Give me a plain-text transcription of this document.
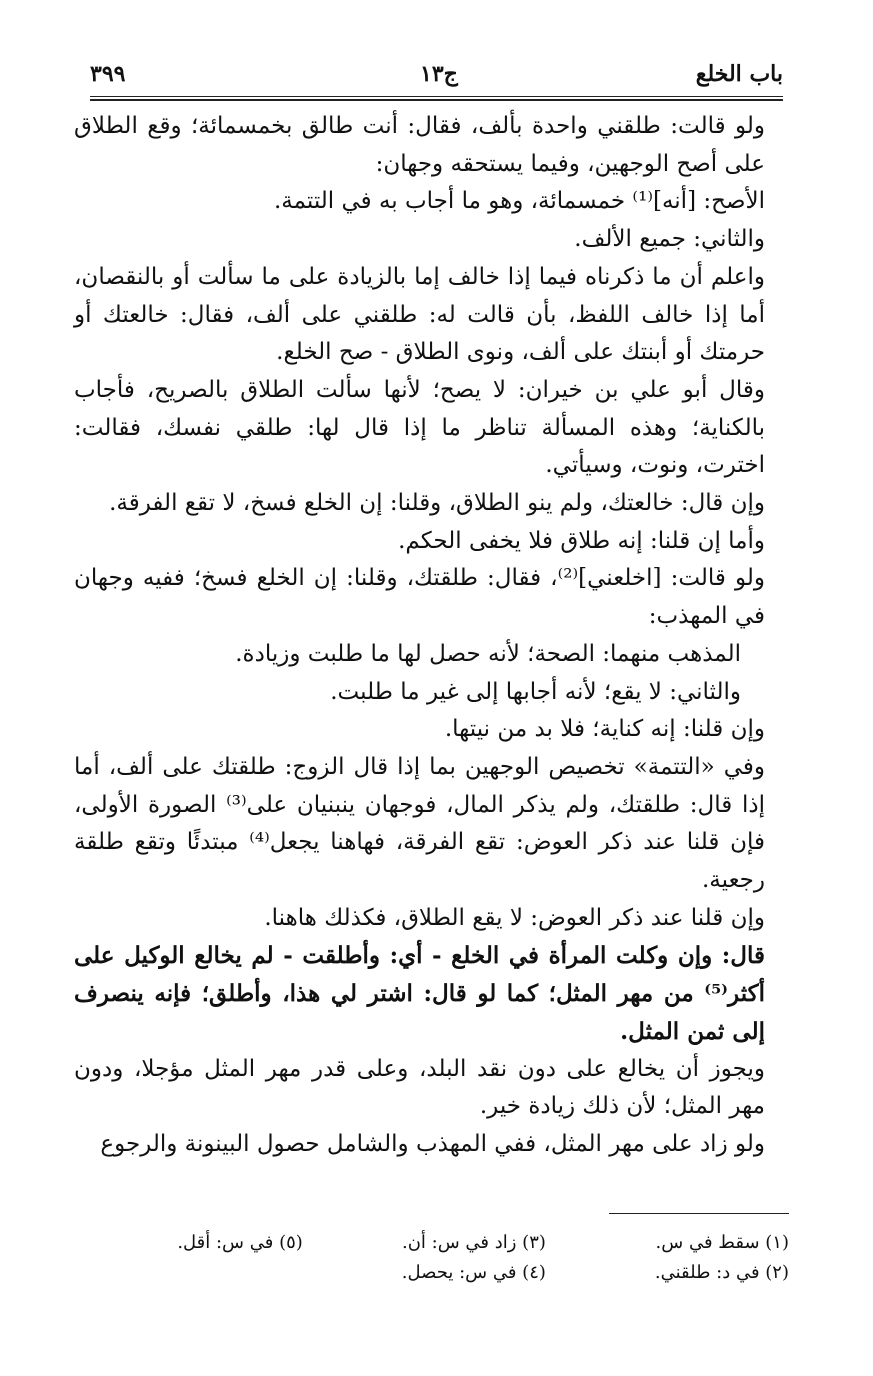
باب الخلع
ج١٣
٣٩٩

ولو قالت: طلقني واحدة بألف، فقال: أنت طالق بخمسمائة؛ وقع الطلاق على أصح الوجهين، وفيما يستحقه وجهان:

الأصح: [أنه]⁽¹⁾ خمسمائة، وهو ما أجاب به في التتمة.

والثاني: جميع الألف.

واعلم أن ما ذكرناه فيما إذا خالف إما بالزيادة على ما سألت أو بالنقصان، أما إذا خالف اللفظ، بأن قالت له: طلقني على ألف، فقال: خالعتك أو حرمتك أو أبنتك على ألف، ونوى الطلاق - صح الخلع.

وقال أبو علي بن خيران: لا يصح؛ لأنها سألت الطلاق بالصريح، فأجاب بالكناية؛ وهذه المسألة تناظر ما إذا قال لها: طلقي نفسك، فقالت: اخترت، ونوت، وسيأتي.

وإن قال: خالعتك، ولم ينو الطلاق، وقلنا: إن الخلع فسخ، لا تقع الفرقة.

وأما إن قلنا: إنه طلاق فلا يخفى الحكم.

ولو قالت: [اخلعني]⁽²⁾، فقال: طلقتك، وقلنا: إن الخلع فسخ؛ ففيه وجهان في المهذب:

المذهب منهما: الصحة؛ لأنه حصل لها ما طلبت وزيادة.

والثاني: لا يقع؛ لأنه أجابها إلى غير ما طلبت.

وإن قلنا: إنه كناية؛ فلا بد من نيتها.

وفي «التتمة» تخصيص الوجهين بما إذا قال الزوج: طلقتك على ألف، أما إذا قال: طلقتك، ولم يذكر المال، فوجهان ينبنيان على⁽³⁾ الصورة الأولى، فإن قلنا عند ذكر العوض: تقع الفرقة، فهاهنا يجعل⁽⁴⁾ مبتدئًا وتقع طلقة رجعية.

وإن قلنا عند ذكر العوض: لا يقع الطلاق، فكذلك هاهنا.

قال: وإن وكلت المرأة في الخلع - أي: وأطلقت - لم يخالع الوكيل على أكثر⁽⁵⁾ من مهر المثل؛ كما لو قال: اشتر لي هذا، وأطلق؛ فإنه ينصرف إلى ثمن المثل.

ويجوز أن يخالع على دون نقد البلد، وعلى قدر مهر المثل مؤجلا، ودون مهر المثل؛ لأن ذلك زيادة خير.

ولو زاد على مهر المثل، ففي المهذب والشامل حصول البينونة والرجوع

(١) سقط في س.
(٣) زاد في س: أن.
(٥) في س: أقل.
(٢) في د: طلقني.
(٤) في س: يحصل.
